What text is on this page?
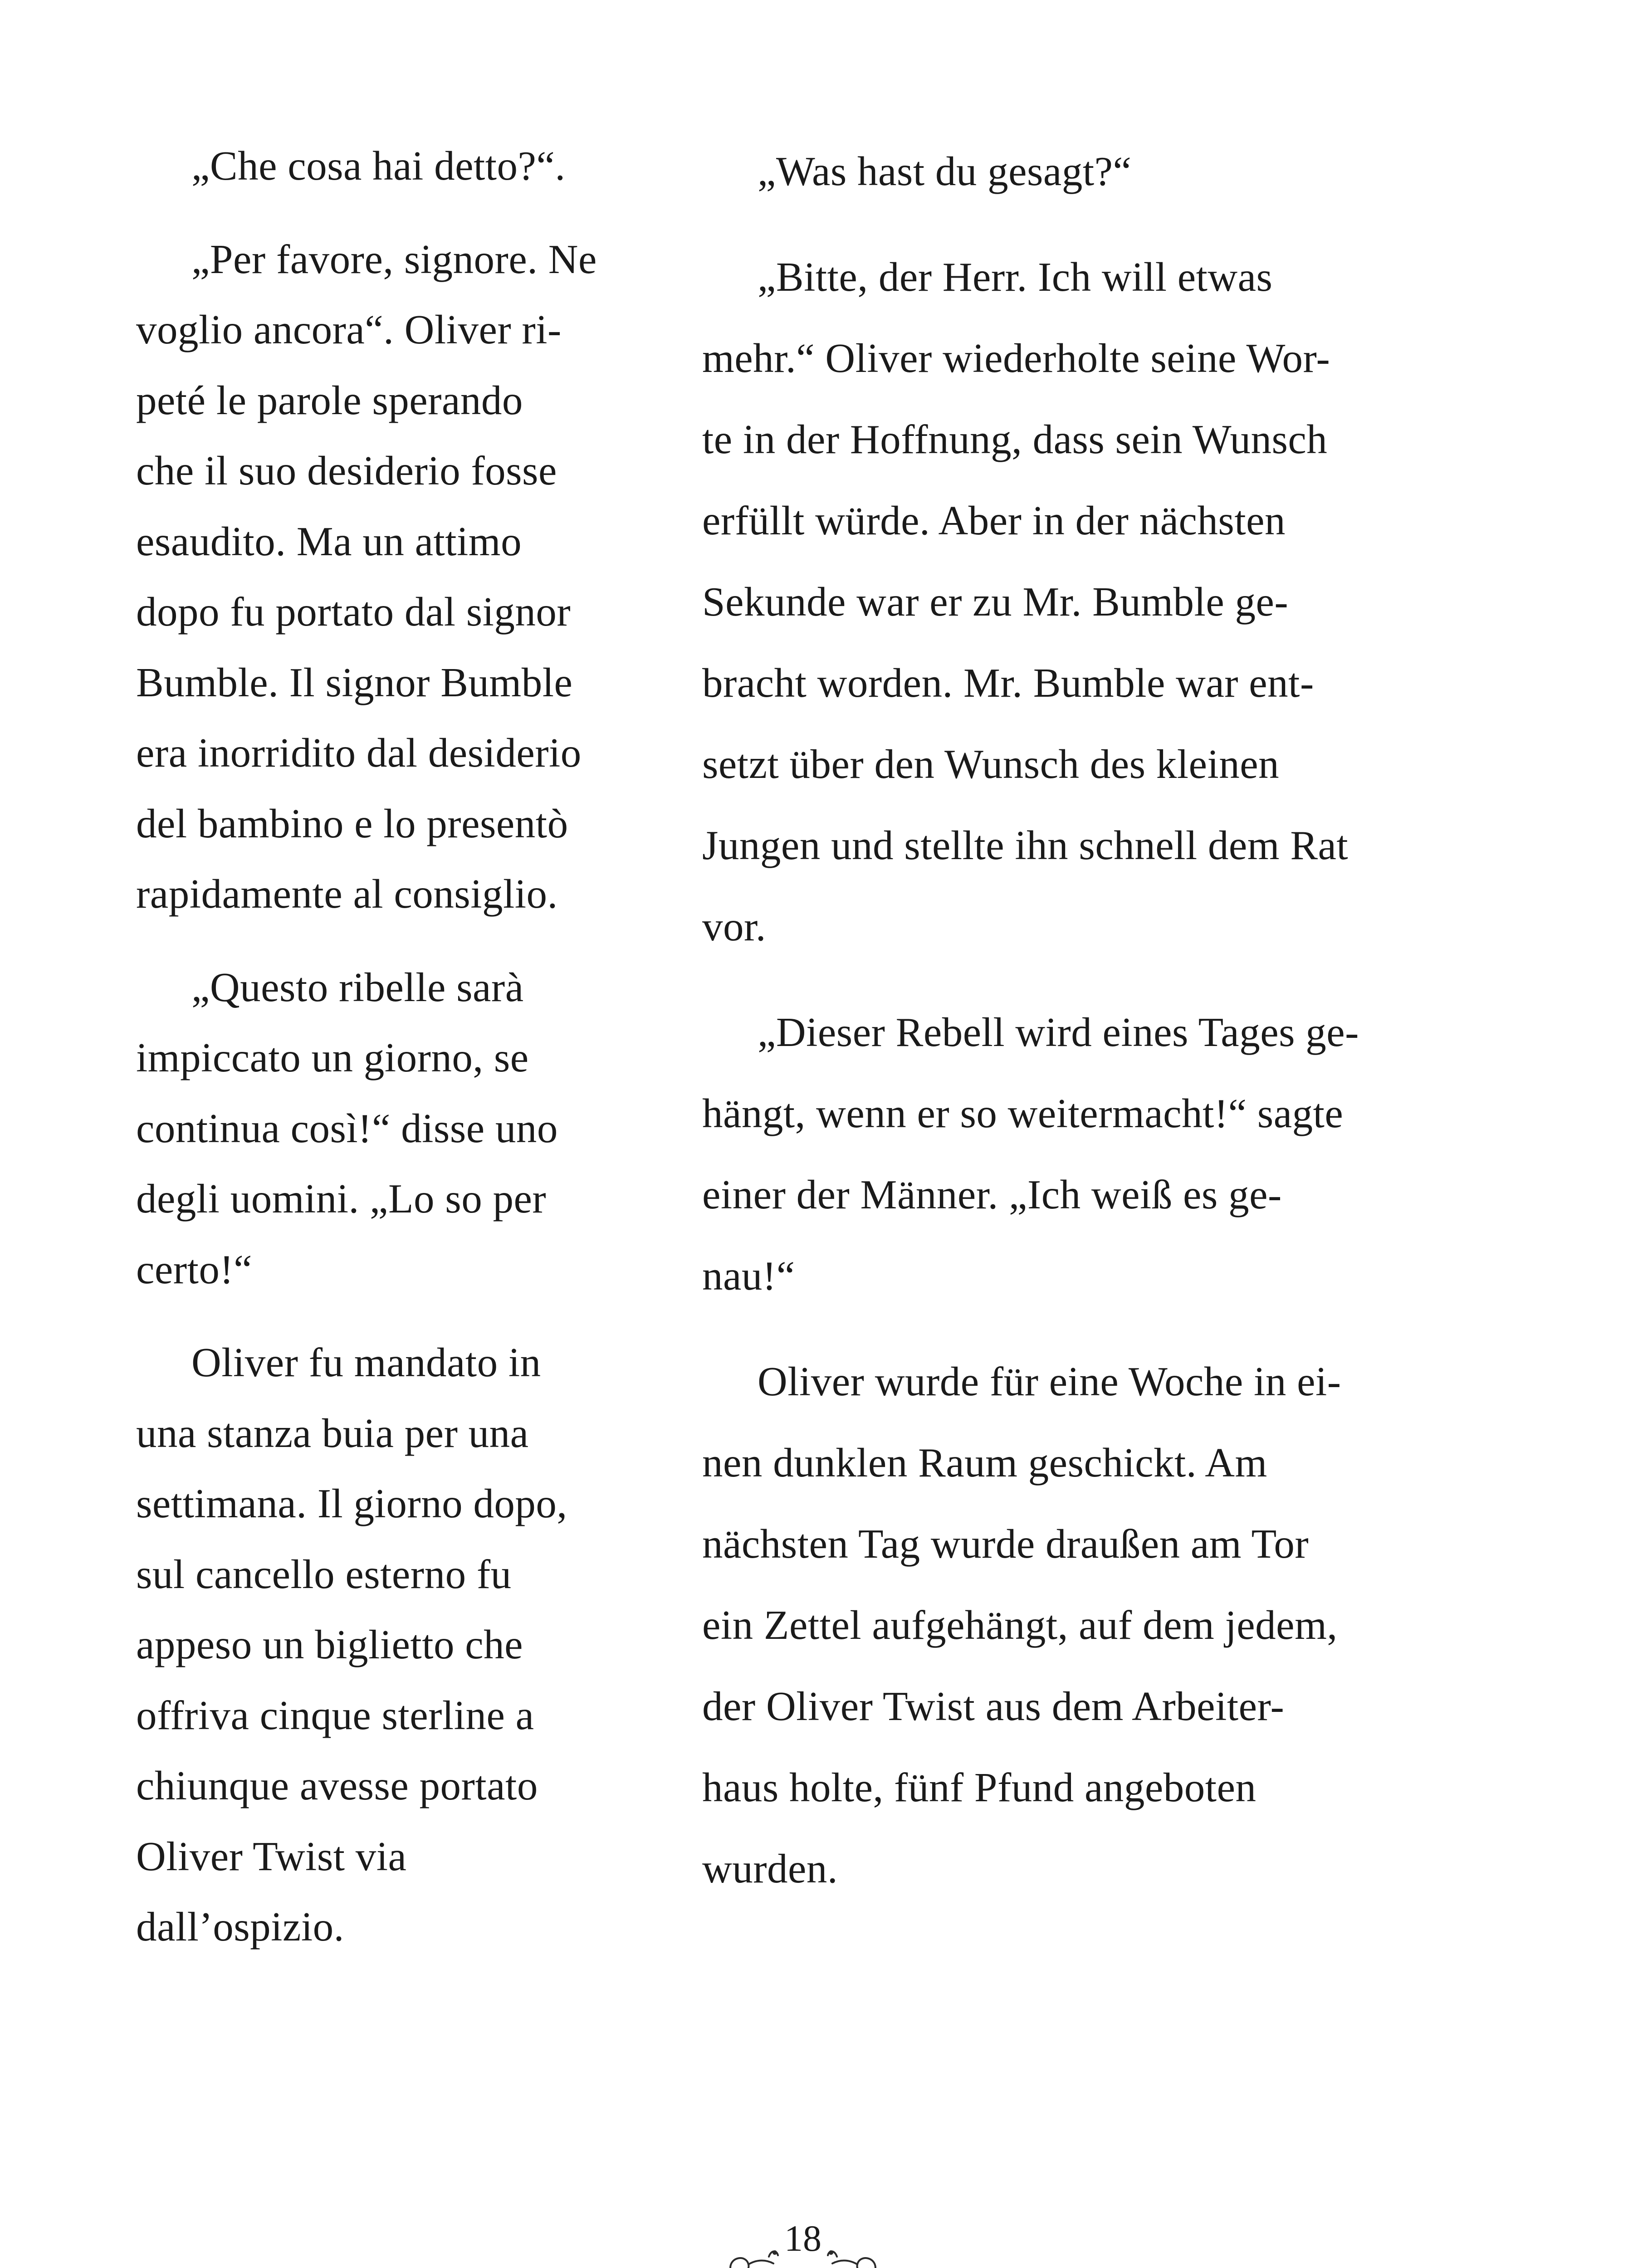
„Che cosa hai detto?“.
„Per favore, signore. Ne
voglio ancora“. Oliver ri-
peté le parole sperando
che il suo desiderio fosse
esaudito. Ma un attimo
dopo fu portato dal signor
Bumble. Il signor Bumble
era inorridito dal desiderio
del bambino e lo presentò
rapidamente al consiglio.
„Questo ribelle sarà
impiccato un giorno, se
continua così!“ disse uno
degli uomini. „Lo so per
certo!“
Oliver fu mandato in
una stanza buia per una
settimana. Il giorno dopo,
sul cancello esterno fu
appeso un biglietto che
offriva cinque sterline a
chiunque avesse portato
Oliver Twist via
dall’ospizio.
„Was hast du gesagt?“
„Bitte, der Herr. Ich will etwas
mehr.“ Oliver wiederholte seine Wor-
te in der Hoffnung, dass sein Wunsch
erfüllt würde. Aber in der nächsten
Sekunde war er zu Mr. Bumble ge-
bracht worden. Mr. Bumble war ent-
setzt über den Wunsch des kleinen
Jungen und stellte ihn schnell dem Rat
vor.
„Dieser Rebell wird eines Tages ge-
hängt, wenn er so weitermacht!“ sagte
einer der Männer. „Ich weiß es ge-
nau!“
Oliver wurde für eine Woche in ei-
nen dunklen Raum geschickt. Am
nächsten Tag wurde draußen am Tor
ein Zettel aufgehängt, auf dem jedem,
der Oliver Twist aus dem Arbeiter-
haus holte, fünf Pfund angeboten
wurden.
18
